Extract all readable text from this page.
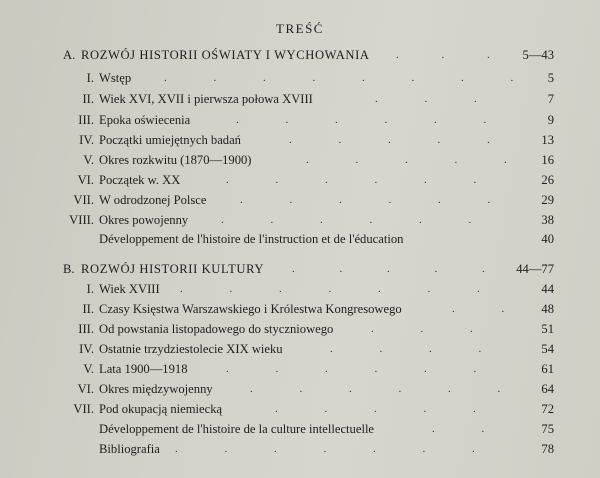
TREŚĆ
A. ROZWÓJ HISTORII OŚWIATY I WYCHOWANIA . . . 5—43
I. Wstęp	. . . . . . . . 5
II. Wiek XVI, XVII i pierwsza połowa XVIII	. . .	7
III. Epoka oświecenia	. . . . . .	9
IV. Początki umiejętnych badań	. . . . . 13
V. Okres rozkwitu (1870—1900)	. . . . . 16
VI. Początek w. XX	. . . . . .	26
VII. W odrodzonej Polsce	. . . . . . 29
VIII. Okres powojenny	. . . . . .	38
Développement de l'histoire de l'instruction et de l'éducation	40
B. ROZWÓJ HISTORII KULTURY	. . . . . 44—77
I. Wiek XVIII . . . . . . .	44
II. Czasy Księstwa Warszawskiego i Królestwa Kongresowego	. . 48
III. Od powstania listopadowego do styczniowego	. . .	51
IV. Ostatnie trzydziestolecie XIX wieku	. . . .	54
V. Lata 1900—1918	. . . . . .	61
VI. Okres międzywojenny	. . . . . . 64
VII. Pod okupacją niemiecką	. . . . .	72
Développement de l'histoire de la culture intellectuelle	. .	75
Bibliografia . . . . . . .	78
